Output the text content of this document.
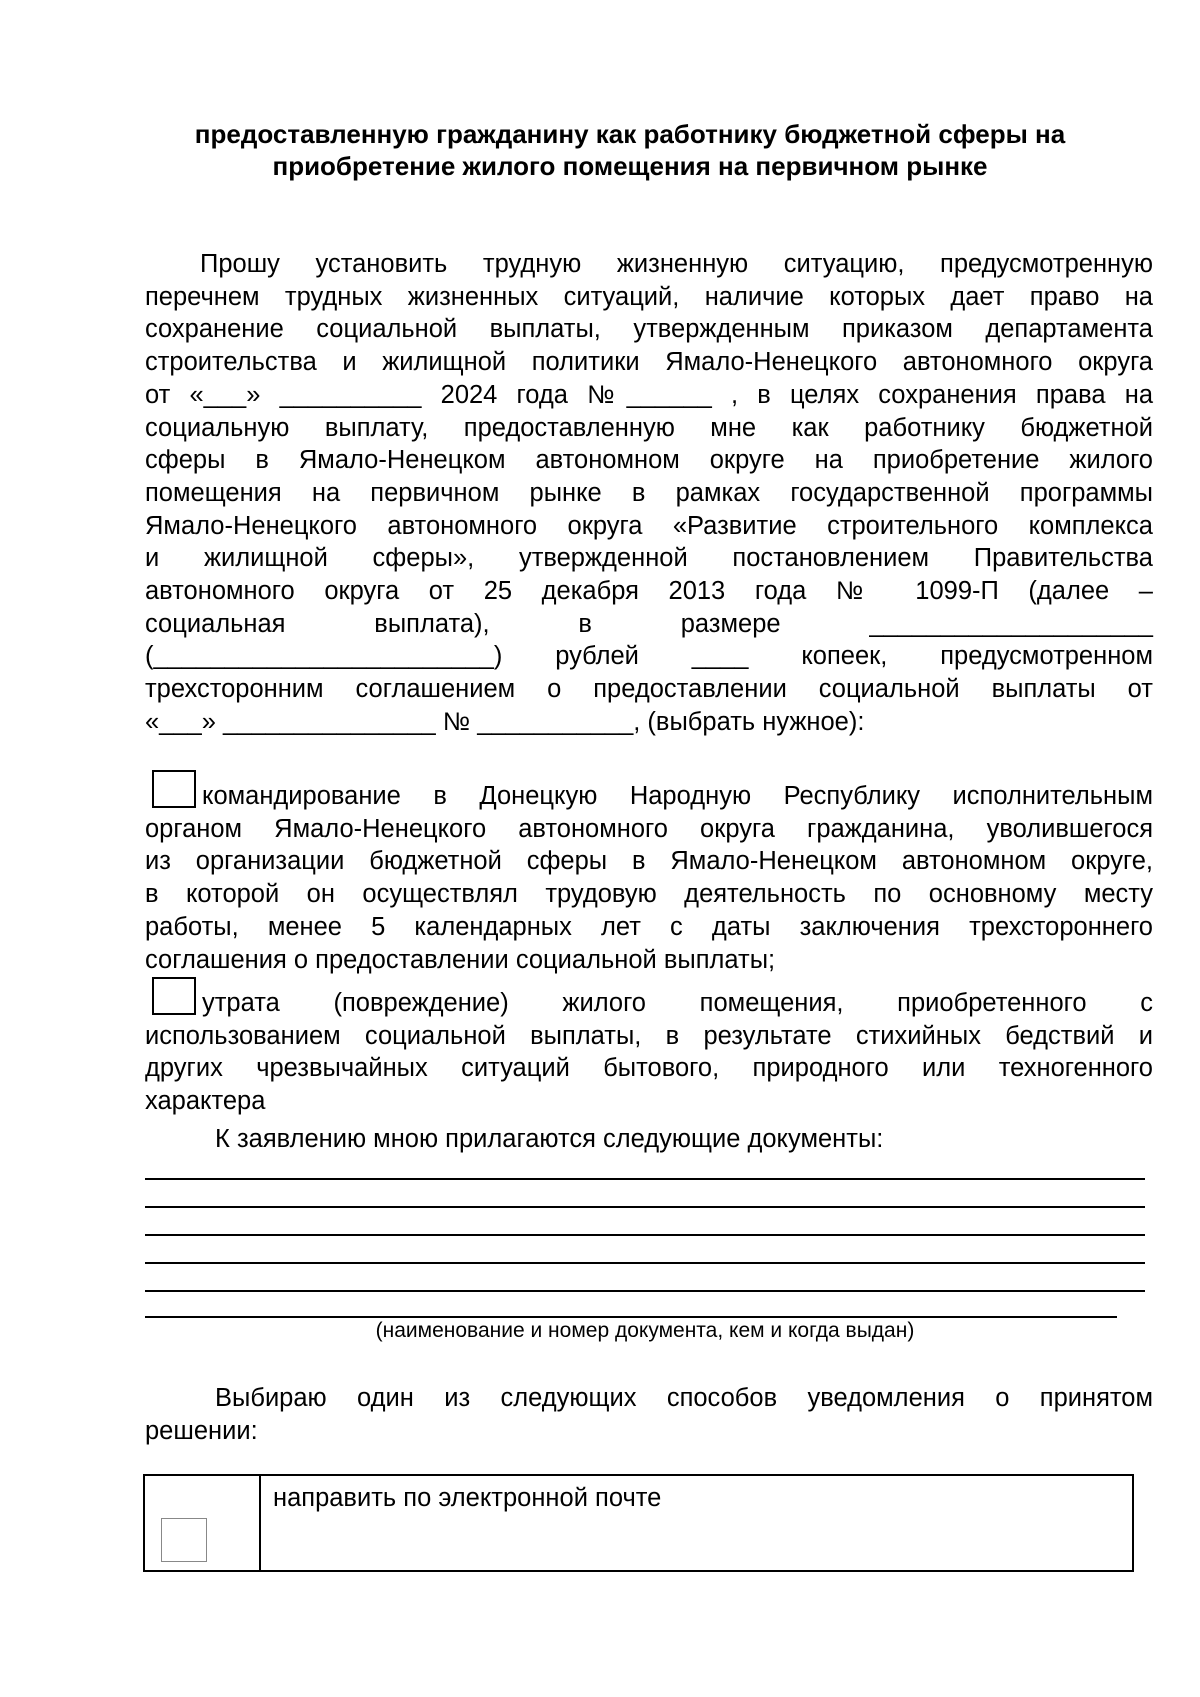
предоставленную гражданину как работнику бюджетной сферы на
приобретение жилого помещения на первичном рынке
Прошу установить трудную жизненную ситуацию, предусмотренную
перечнем трудных жизненных ситуаций, наличие которых дает право на
сохранение социальной выплаты, утвержденным приказом департамента
строительства и жилищной политики Ямало-Ненецкого автономного округа
от «___» __________ 2024 года №______ , в целях сохранения права на
социальную выплату, предоставленную мне как работнику бюджетной
сферы в Ямало-Ненецком автономном округе на приобретение жилого
помещения на первичном рынке в рамках государственной программы
Ямало-Ненецкого автономного округа «Развитие строительного комплекса
и жилищной сферы», утвержденной постановлением Правительства
автономного округа от 25 декабря 2013 года № 1099-П (далее –
социальная выплата), в размере ____________________
(________________________) рублей ____ копеек, предусмотренном
трехсторонним соглашением о предоставлении социальной выплаты от
«___» _______________ № ___________, (выбрать нужное):
командирование в Донецкую Народную Республику исполнительным
органом Ямало-Ненецкого автономного округа гражданина, уволившегося
из организации бюджетной сферы в Ямало-Ненецком автономном округе,
в которой он осуществлял трудовую деятельность по основному месту
работы, менее 5 календарных лет с даты заключения трехстороннего
соглашения о предоставлении социальной выплаты;
утрата (повреждение) жилого помещения, приобретенного с
использованием социальной выплаты, в результате стихийных бедствий и
других чрезвычайных ситуаций бытового, природного или техногенного
характера
К заявлению мною прилагаются следующие документы:
(наименование и номер документа, кем и когда выдан)
Выбираю один из следующих способов уведомления о принятом
решении:
направить по электронной почте
